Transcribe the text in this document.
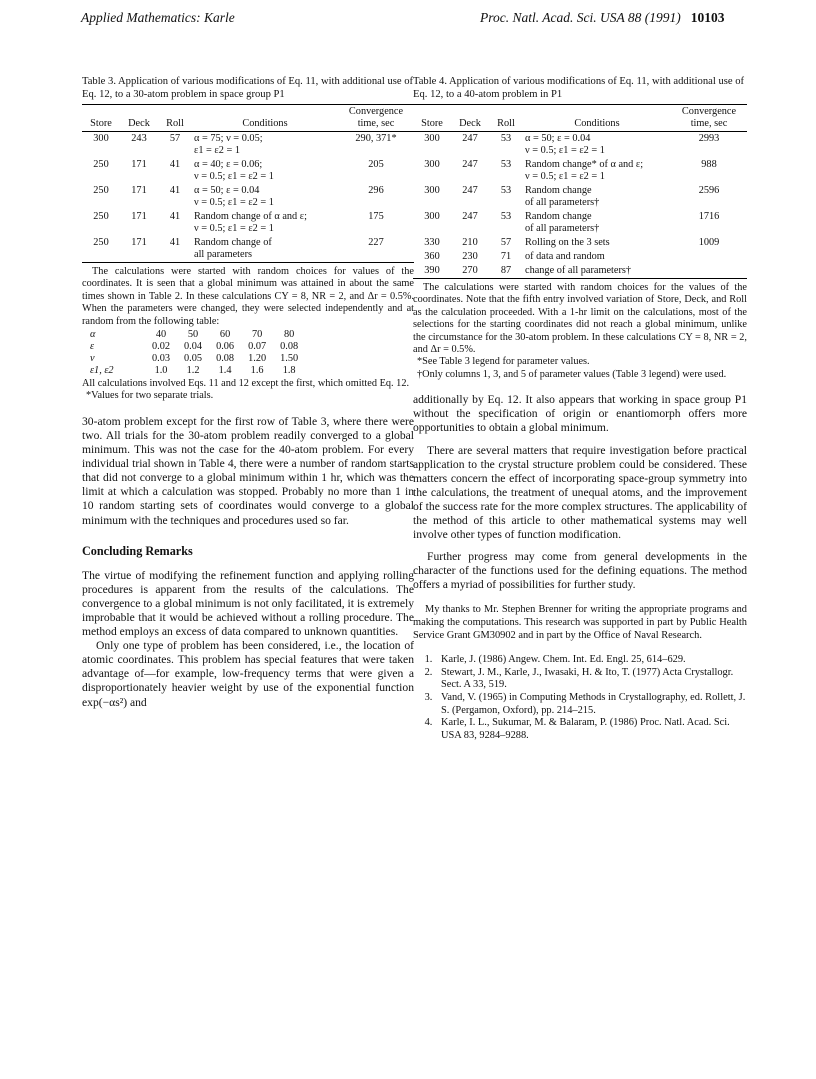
Applied Mathematics: Karle	Proc. Natl. Acad. Sci. USA 88 (1991) 10103
Table 3. Application of various modifications of Eq. 11, with additional use of Eq. 12, to a 30-atom problem in space group P1
Store	Deck	Roll	Conditions	Convergence time, sec
300	243	57	α = 75; ν = 0.05;
ε1 = ε2 = 1	290, 371*
250	171	41	α = 40; ε = 0.06;
ν = 0.5; ε1 = ε2 = 1	205
250	171	41	α = 50; ε = 0.04
ν = 0.5; ε1 = ε2 = 1	296
250	171	41	Random change of α and ε;
ν = 0.5; ε1 = ε2 = 1	175
250	171	41	Random change of
all parameters	227
The calculations were started with random choices for values of the coordinates. It is seen that a global minimum was attained in about the same times shown in Table 2. In these calculations CY = 8, NR = 2, and Δr = 0.5%. When the parameters were changed, they were selected independently and at random from the following table:
α	40	50	60	70	80
ε	0.02	0.04	0.06	0.07	0.08
ν	0.03	0.05	0.08	1.20	1.50
ε1, ε2	1.0	1.2	1.4	1.6	1.8
All calculations involved Eqs. 11 and 12 except the first, which omitted Eq. 12.
*Values for two separate trials.

30-atom problem except for the first row of Table 3, where there were two. All trials for the 30-atom problem readily converged to a global minimum. This was not the case for the 40-atom problem. For every individual trial shown in Table 4, there were a number of random starts that did not converge to a global minimum within 1 hr, which was the limit at which a calculation was stopped. Probably no more than 1 in 10 random starting sets of coordinates would converge to a global minimum with the techniques and procedures used so far.

Concluding Remarks

The virtue of modifying the refinement function and applying rolling procedures is apparent from the results of the calculations. The convergence to a global minimum is not only facilitated, it is extremely improbable that it would be achieved without a rolling procedure. The method employs an excess of data compared to unknown quantities.

Only one type of problem has been considered, i.e., the location of atomic coordinates. This problem has special features that were taken advantage of—for example, low-frequency terms that were given a disproportionately heavier weight by use of the exponential function exp(−αs²) and

Table 4. Application of various modifications of Eq. 11, with additional use of Eq. 12, to a 40-atom problem in P1
Store	Deck	Roll	Conditions	Convergence time, sec
300	247	53	α = 50; ε = 0.04
ν = 0.5; ε1 = ε2 = 1	2993
300	247	53	Random change* of α and ε;
ν = 0.5; ε1 = ε2 = 1	988
300	247	53	Random change
of all parameters†	2596
300	247	53	Random change
of all parameters†	1716
330	210	57	Rolling on the 3 sets	1009
360	230	71	of data and random	
390	270	87	change of all parameters†	
The calculations were started with random choices for the values of the coordinates. Note that the fifth entry involved variation of Store, Deck, and Roll as the calculation proceeded. With a 1-hr limit on the calculations, most of the selections for the starting coordinates did not reach a global minimum, unlike the circumstance for the 30-atom problem. In these calculations CY = 8, NR = 2, and Δr = 0.5%.
*See Table 3 legend for parameter values.
†Only columns 1, 3, and 5 of parameter values (Table 3 legend) were used.

additionally by Eq. 12. It also appears that working in space group P1 without the specification of origin or enantiomorph offers more opportunities to obtain a global minimum.

There are several matters that require investigation before practical application to the crystal structure problem could be considered. These matters concern the effect of incorporating space-group symmetry into the calculations, the treatment of unequal atoms, and the improvement of the success rate for the more complex structures. The applicability of the method of this article to other mathematical systems may well involve other types of function modification.

Further progress may come from general developments in the character of the functions used for the defining equations. The method offers a myriad of possibilities for further study.

My thanks to Mr. Stephen Brenner for writing the appropriate programs and making the computations. This research was supported in part by Public Health Service Grant GM30902 and in part by the Office of Naval Research.
1. Karle, J. (1986) Angew. Chem. Int. Ed. Engl. 25, 614–629.
2. Stewart, J. M., Karle, J., Iwasaki, H. & Ito, T. (1977) Acta Crystallogr. Sect. A 33, 519.
3. Vand, V. (1965) in Computing Methods in Crystallography, ed. Rollett, J. S. (Pergamon, Oxford), pp. 214–215.
4. Karle, I. L., Sukumar, M. & Balaram, P. (1986) Proc. Natl. Acad. Sci. USA 83, 9284–9288.
